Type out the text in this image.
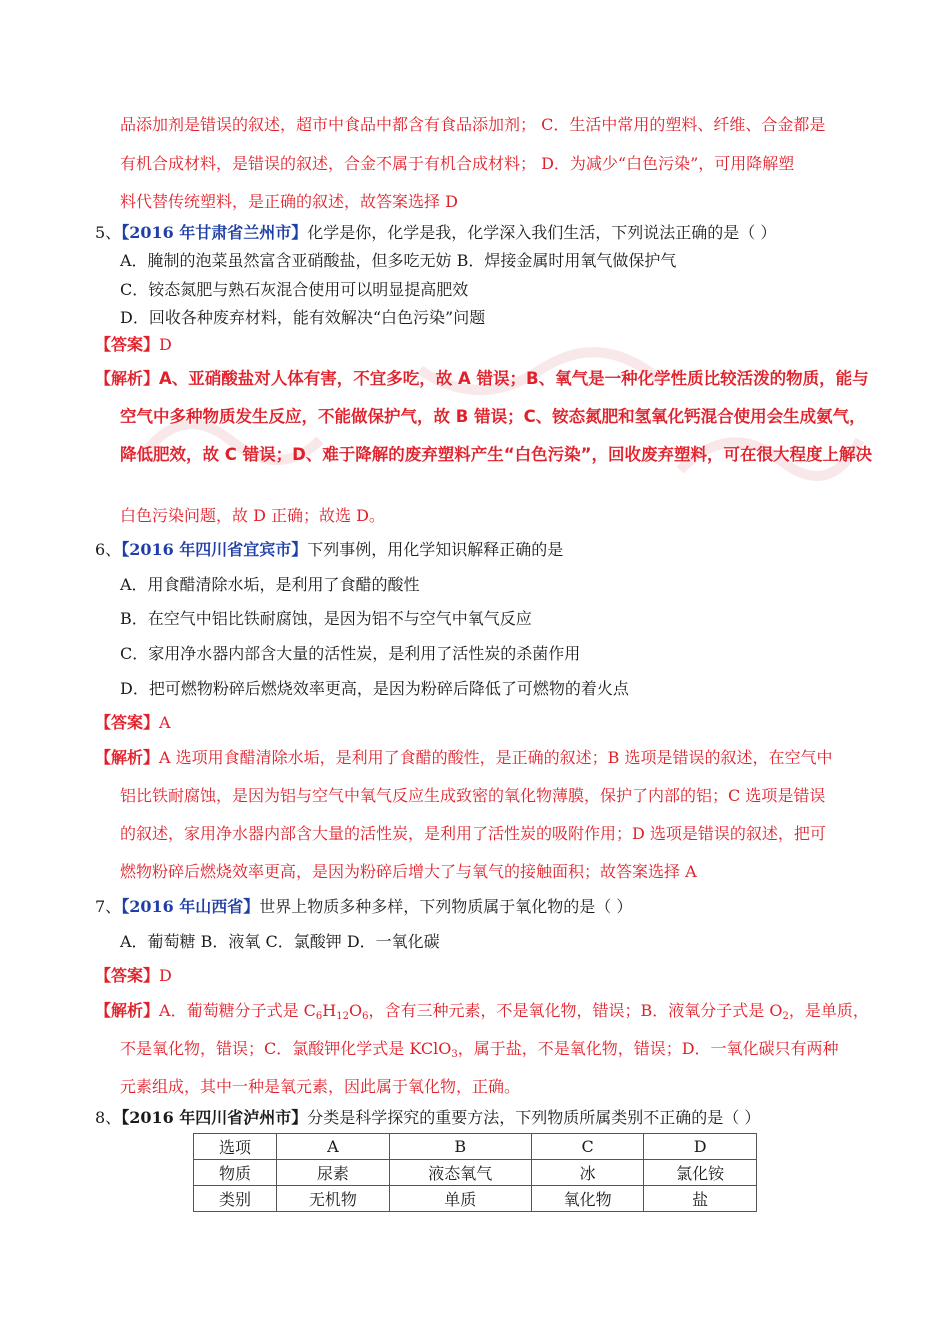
品添加剂是错误的叙述，超市中食品中都含有食品添加剂； C．生活中常用的塑料、纤维、合金都是
有机合成材料，是错误的叙述，合金不属于有机合成材料； D．为减少“白色污染”，可用降解塑
料代替传统塑料，是正确的叙述，故答案选择 D
5、【2016 年甘肃省兰州市】化学是你，化学是我，化学深入我们生活，下列说法正确的是（ ）
A．腌制的泡菜虽然富含亚硝酸盐，但多吃无妨 B．焊接金属时用氧气做保护气
C．铵态氮肥与熟石灰混合使用可以明显提高肥效
D．回收各种废弃材料，能有效解决“白色污染”问题
【答案】D
【解析】A、亚硝酸盐对人体有害，不宜多吃，故 A 错误；B、氧气是一种化学性质比较活泼的物质，能与
空气中多种物质发生反应，不能做保护气，故 B 错误；C、铵态氮肥和氢氧化钙混合使用会生成氨气，
降低肥效，故 C 错误；D、难于降解的废弃塑料产生“白色污染”，回收废弃塑料，可在很大程度上解决
白色污染问题，故 D 正确；故选 D。
6、【2016 年四川省宜宾市】下列事例，用化学知识解释正确的是
A．用食醋清除水垢，是利用了食醋的酸性
B．在空气中铝比铁耐腐蚀，是因为铝不与空气中氧气反应
C．家用净水器内部含大量的活性炭，是利用了活性炭的杀菌作用
D．把可燃物粉碎后燃烧效率更高，是因为粉碎后降低了可燃物的着火点
【答案】A
【解析】A 选项用食醋清除水垢，是利用了食醋的酸性，是正确的叙述；B 选项是错误的叙述，在空气中
铝比铁耐腐蚀，是因为铝与空气中氧气反应生成致密的氧化物薄膜，保护了内部的铝；C 选项是错误
的叙述，家用净水器内部含大量的活性炭，是利用了活性炭的吸附作用；D 选项是错误的叙述，把可
燃物粉碎后燃烧效率更高，是因为粉碎后增大了与氧气的接触面积；故答案选择 A
7、【2016 年山西省】世界上物质多种多样，下列物质属于氧化物的是（ ）
A．葡萄糖 B．液氧 C．氯酸钾 D．一氧化碳
【答案】D
【解析】A．葡萄糖分子式是 $C_6H_{12}O_6$，含有三种元素，不是氧化物，错误；B．液氧分子式是 $O_2$，是单质，
不是氧化物，错误；C．氯酸钾化学式是 KClO$_3$，属于盐，不是氧化物，错误；D．一氧化碳只有两种
元素组成，其中一种是氧元素，因此属于氧化物，正确。
8、【2016 年四川省泸州市】分类是科学探究的重要方法，下列物质所属类别不正确的是（ ）
选项	A	B	C	D
物质	尿素	液态氧气	冰	氯化铵
类别	无机物	单质	氧化物	盐
